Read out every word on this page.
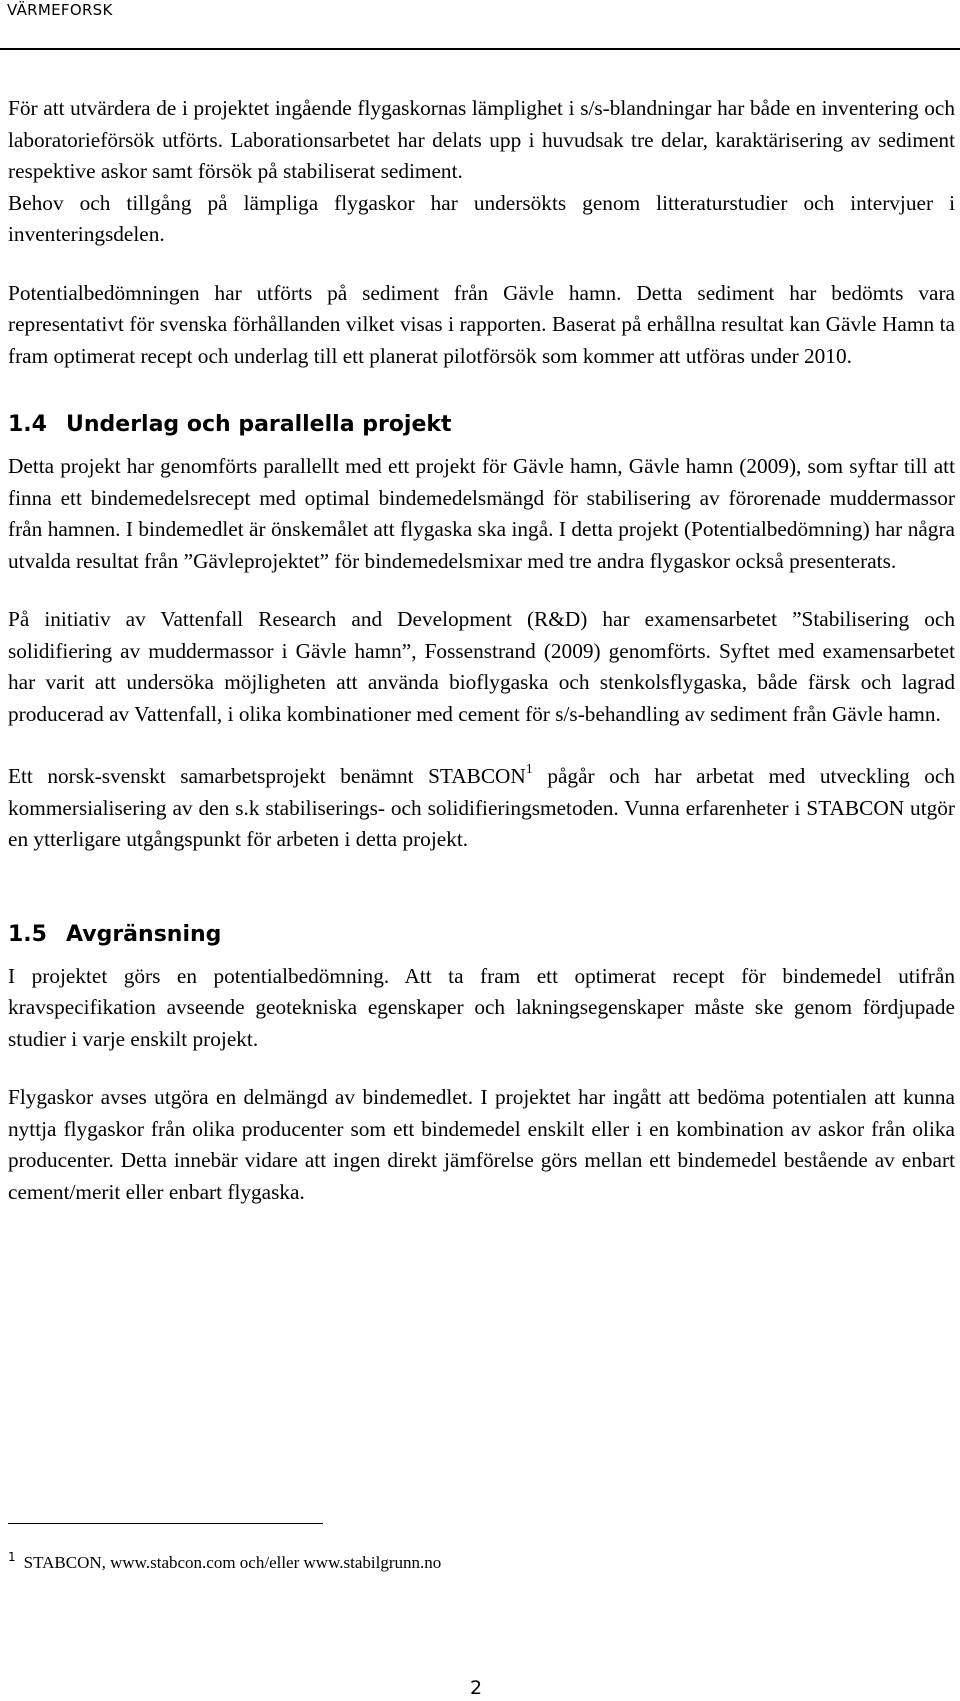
VÄRMEFORSK

För att utvärdera de i projektet ingående flygaskornas lämplighet i s/s-blandningar har både en inventering och laboratorieförsök utförts. Laborationsarbetet har delats upp i huvudsak tre delar, karaktärisering av sediment respektive askor samt försök på stabiliserat sediment.

Behov och tillgång på lämpliga flygaskor har undersökts genom litteraturstudier och intervjuer i inventeringsdelen.

Potentialbedömningen har utförts på sediment från Gävle hamn. Detta sediment har bedömts vara representativt för svenska förhållanden vilket visas i rapporten. Baserat på erhållna resultat kan Gävle Hamn ta fram optimerat recept och underlag till ett planerat pilotförsök som kommer att utföras under 2010.

1.4 Underlag och parallella projekt

Detta projekt har genomförts parallellt med ett projekt för Gävle hamn, Gävle hamn (2009), som syftar till att finna ett bindemedelsrecept med optimal bindemedelsmängd för stabilisering av förorenade muddermassor från hamnen. I bindemedlet är önskemålet att flygaska ska ingå. I detta projekt (Potentialbedömning) har några utvalda resultat från ”Gävleprojektet” för bindemedelsmixar med tre andra flygaskor också presenterats.

På initiativ av Vattenfall Research and Development (R&D) har examensarbetet ”Stabilisering och solidifiering av muddermassor i Gävle hamn”, Fossenstrand (2009) genomförts. Syftet med examensarbetet har varit att undersöka möjligheten att använda bioflygaska och stenkolsflygaska, både färsk och lagrad producerad av Vattenfall, i olika kombinationer med cement för s/s-behandling av sediment från Gävle hamn.

Ett norsk-svenskt samarbetsprojekt benämnt STABCON$^1$ pågår och har arbetat med utveckling och kommersialisering av den s.k stabiliserings- och solidifieringsmetoden. Vunna erfarenheter i STABCON utgör en ytterligare utgångspunkt för arbeten i detta projekt.

1.5 Avgränsning

I projektet görs en potentialbedömning. Att ta fram ett optimerat recept för bindemedel utifrån kravspecifikation avseende geotekniska egenskaper och lakningsegenskaper måste ske genom fördjupade studier i varje enskilt projekt.

Flygaskor avses utgöra en delmängd av bindemedlet. I projektet har ingått att bedöma potentialen att kunna nyttja flygaskor från olika producenter som ett bindemedel enskilt eller i en kombination av askor från olika producenter. Detta innebär vidare att ingen direkt jämförelse görs mellan ett bindemedel bestående av enbart cement/merit eller enbart flygaska.

$^1$ STABCON, www.stabcon.com och/eller www.stabilgrunn.no
2
